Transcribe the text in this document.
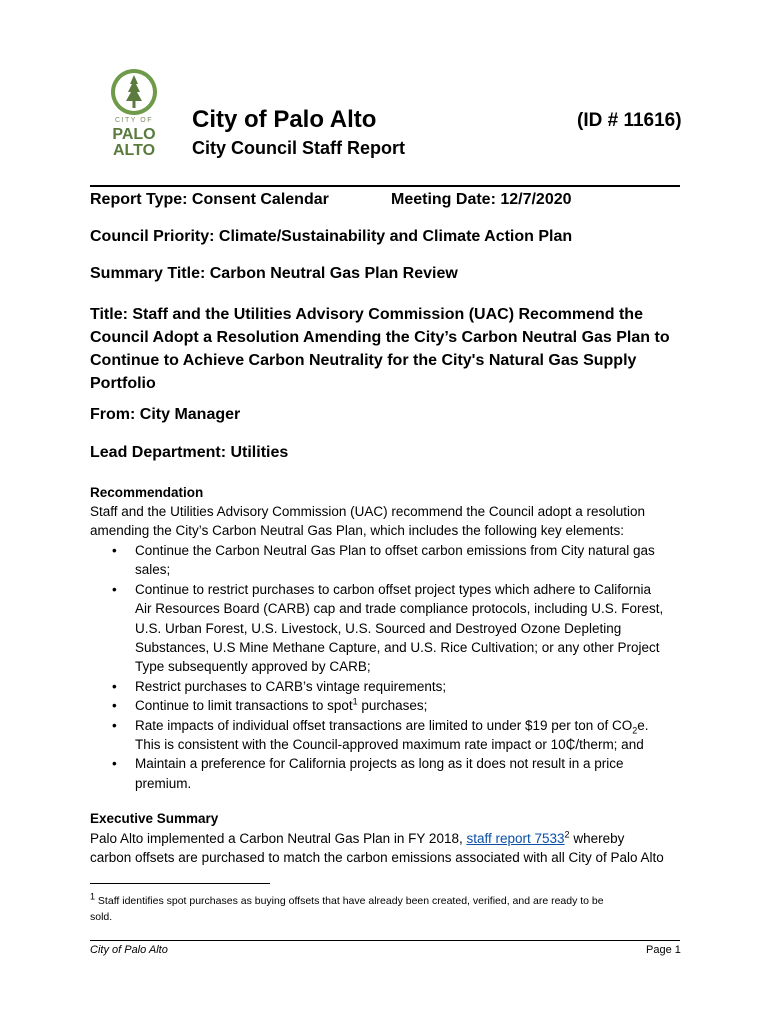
CITY OF
PALO
ALTO
City of Palo Alto	(ID # 11616)
City Council Staff Report
Report Type: Consent Calendar	Meeting Date: 12/7/2020
Council Priority: Climate/Sustainability and Climate Action Plan
Summary Title: Carbon Neutral Gas Plan Review
Title: Staff and the Utilities Advisory Commission (UAC) Recommend the
Council Adopt a Resolution Amending the City’s Carbon Neutral Gas Plan to
Continue to Achieve Carbon Neutrality for the City's Natural Gas Supply
Portfolio
From: City Manager
Lead Department: Utilities
Recommendation
Staff and the Utilities Advisory Commission (UAC) recommend the Council adopt a resolution
amending the City’s Carbon Neutral Gas Plan, which includes the following key elements:
• Continue the Carbon Neutral Gas Plan to offset carbon emissions from City natural gas
sales;
• Continue to restrict purchases to carbon offset project types which adhere to California
Air Resources Board (CARB) cap and trade compliance protocols, including U.S. Forest,
U.S. Urban Forest, U.S. Livestock, U.S. Sourced and Destroyed Ozone Depleting
Substances, U.S Mine Methane Capture, and U.S. Rice Cultivation; or any other Project
Type subsequently approved by CARB;
• Restrict purchases to CARB’s vintage requirements;
• Continue to limit transactions to spot$^1$ purchases;
• Rate impacts of individual offset transactions are limited to under $19 per ton of $CO_2e$.
This is consistent with the Council-approved maximum rate impact or 10₵/therm; and
• Maintain a preference for California projects as long as it does not result in a price
premium.
Executive Summary
Palo Alto implemented a Carbon Neutral Gas Plan in FY 2018, staff report 7533$^2$ whereby
carbon offsets are purchased to match the carbon emissions associated with all City of Palo Alto
$^1$ Staff identifies spot purchases as buying offsets that have already been created, verified, and are ready to be
sold.
City of Palo Alto	Page 1
